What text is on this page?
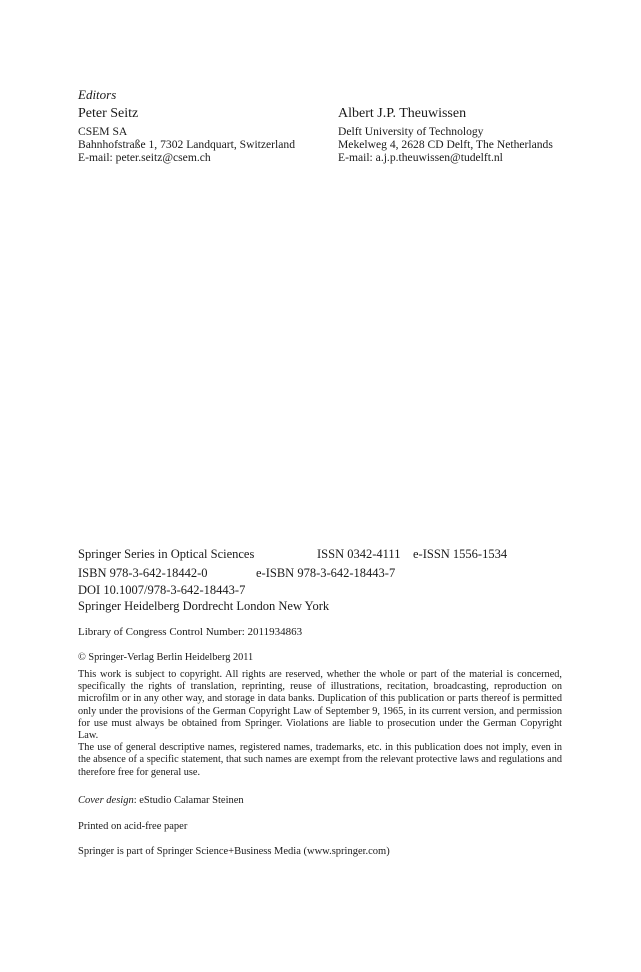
Editors
Peter Seitz
CSEM SA
Bahnhofstraße 1, 7302 Landquart, Switzerland
E-mail: peter.seitz@csem.ch
Albert J.P. Theuwissen
Delft University of Technology
Mekelweg 4, 2628 CD Delft, The Netherlands
E-mail: a.j.p.theuwissen@tudelft.nl
Springer Series in Optical Sciences	ISSN 0342-4111 e-ISSN 1556-1534
ISBN 978-3-642-18442-0	e-ISBN 978-3-642-18443-7
DOI 10.1007/978-3-642-18443-7
Springer Heidelberg Dordrecht London New York
Library of Congress Control Number: 2011934863
© Springer-Verlag Berlin Heidelberg 2011

This work is subject to copyright. All rights are reserved, whether the whole or part of the material is concerned, specifically the rights of translation, reprinting, reuse of illustrations, recitation, broadcasting, reproduction on microfilm or in any other way, and storage in data banks. Duplication of this publication or parts thereof is permitted only under the provisions of the German Copyright Law of September 9, 1965, in its current version, and permission for use must always be obtained from Springer. Violations are liable to prosecution under the German Copyright Law.

The use of general descriptive names, registered names, trademarks, etc. in this publication does not imply, even in the absence of a specific statement, that such names are exempt from the relevant protective laws and regulations and therefore free for general use.

Cover design: eStudio Calamar Steinen
Printed on acid-free paper
Springer is part of Springer Science+Business Media (www.springer.com)
